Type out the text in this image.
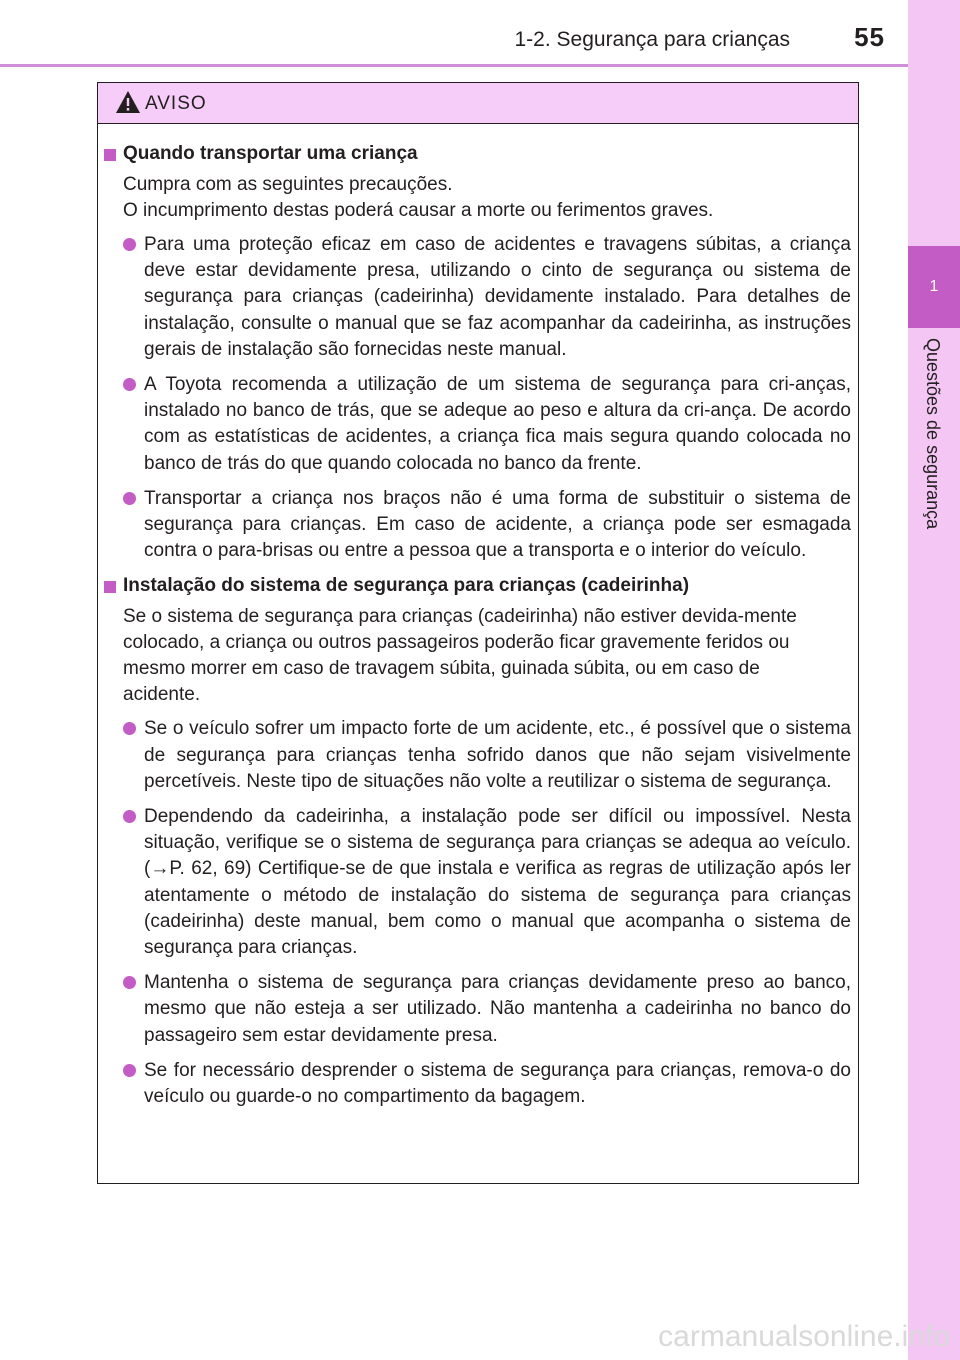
1-2. Segurança para crianças 55
1
Questões de segurança
AVISO
Quando transportar uma criança

Cumpra com as seguintes precauções.

O incumprimento destas poderá causar a morte ou ferimentos graves.

Para uma proteção eficaz em caso de acidentes e travagens súbitas, a criança deve estar devidamente presa, utilizando o cinto de segurança ou sistema de segurança para crianças (cadeirinha) devidamente instalado. Para detalhes de instalação, consulte o manual que se faz acompanhar da cadeirinha, as instruções gerais de instalação são fornecidas neste manual.
A Toyota recomenda a utilização de um sistema de segurança para cri-anças, instalado no banco de trás, que se adeque ao peso e altura da cri-ança. De acordo com as estatísticas de acidentes, a criança fica mais segura quando colocada no banco de trás do que quando colocada no banco da frente.
Transportar a criança nos braços não é uma forma de substituir o sistema de segurança para crianças. Em caso de acidente, a criança pode ser esmagada contra o para-brisas ou entre a pessoa que a transporta e o interior do veículo.
Instalação do sistema de segurança para crianças (cadeirinha)

Se o sistema de segurança para crianças (cadeirinha) não estiver devida-mente colocado, a criança ou outros passageiros poderão ficar gravemente feridos ou mesmo morrer em caso de travagem súbita, guinada súbita, ou em caso de acidente.

Se o veículo sofrer um impacto forte de um acidente, etc., é possível que o sistema de segurança para crianças tenha sofrido danos que não sejam visivelmente percetíveis. Neste tipo de situações não volte a reutilizar o sistema de segurança.
Dependendo da cadeirinha, a instalação pode ser difícil ou impossível. Nesta situação, verifique se o sistema de segurança para crianças se adequa ao veículo. (→P. 62, 69) Certifique-se de que instala e verifica as regras de utilização após ler atentamente o método de instalação do sistema de segurança para crianças (cadeirinha) deste manual, bem como o manual que acompanha o sistema de segurança para crianças.
Mantenha o sistema de segurança para crianças devidamente preso ao banco, mesmo que não esteja a ser utilizado. Não mantenha a cadeirinha no banco do passageiro sem estar devidamente presa.
Se for necessário desprender o sistema de segurança para crianças, remova-o do veículo ou guarde-o no compartimento da bagagem.
carmanualsonline.info
